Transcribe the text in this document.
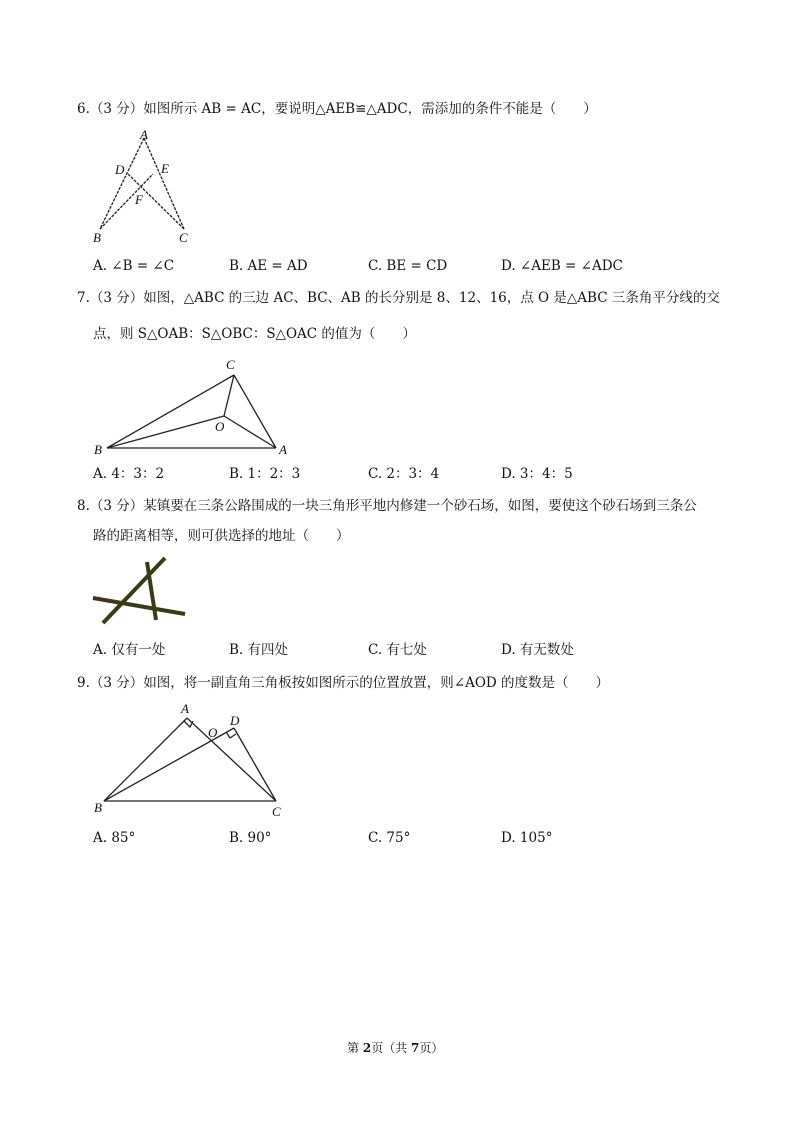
6.（3 分）如图所示 AB = AC，要说明△AEB≌△ADC，需添加的条件不能是（　　）
A
D	E
F
B	C
A. ∠B = ∠C	B. AE = AD	C. BE = CD	D. ∠AEB = ∠ADC
7.（3 分）如图，△ABC 的三边 AC、BC、AB 的长分别是 8、12、16，点 O 是△ABC 三条角平分线的交
点，则 S△OAB：S△OBC：S△OAC 的值为（　　）
C
O
B	A
A. 4：3：2	B. 1：2：3	C. 2：3：4	D. 3：4：5
8.（3 分）某镇要在三条公路围成的一块三角形平地内修建一个砂石场，如图，要使这个砂石场到三条公
路的距离相等，则可供选择的地址（　　）
A. 仅有一处	B. 有四处	C. 有七处	D. 有无数处
9.（3 分）如图，将一副直角三角板按如图所示的位置放置，则∠AOD 的度数是（　　）
A
D
O
B	C
A. 85°	B. 90°	C. 75°	D. 105°
第 2页（共 7页）
